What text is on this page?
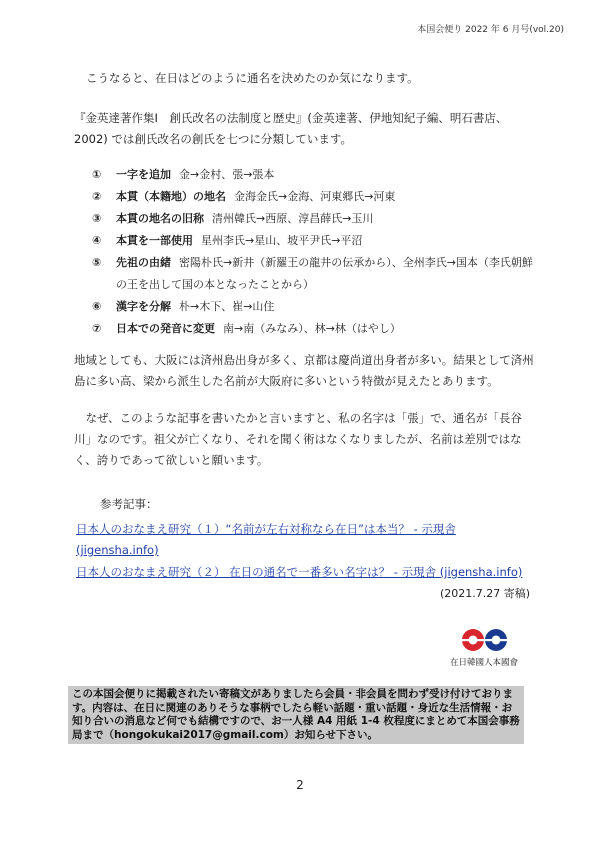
本国会便り 2022 年 6 月号(vol.20)
こうなると、在日はどのように通名を決めたのか気になります。
『金英達著作集Ⅰ　創氏改名の法制度と歴史』(金英達著、伊地知紀子編、明石書店、2002) では創氏改名の創氏を七つに分類しています。
① 一字を追加 金→金村、張→張本
② 本貫（本籍地）の地名 金海金氏→金海、河東郷氏→河東
③ 本貫の地名の旧称 清州韓氏→西原、淳昌薛氏→玉川
④ 本貫を一部使用 星州李氏→星山、坡平尹氏→平沼
⑤ 先祖の由緒 密陽朴氏→新井（新羅王の龍井の伝承から）、全州李氏→国本（李氏朝鮮の王を出して国の本となったことから）
⑥ 漢字を分解 朴→木下、崔→山住
⑦ 日本での発音に変更 南→南（みなみ）、林→林（はやし）
地域としても、大阪には済州島出身が多く、京都は慶尚道出身者が多い。結果として済州島に多い高、梁から派生した名前が大阪府に多いという特徴が見えたとあります。
　なぜ、このような記事を書いたかと言いますと、私の名字は「張」で、通名が「長谷川」なのです。祖父が亡くなり、それを聞く術はなくなりましたが、名前は差別ではなく、誇りであって欲しいと願います。
参考記事：
日本人のおなまえ研究（１）“名前が左右対称なら在日”は本当？ - 示現舎 (jigensha.info)
日本人のおなまえ研究（２） 在日の通名で一番多い名字は？ - 示現舎 (jigensha.info)
(2021.7.27 寄稿)
在日韓國人本國會
この本国会便りに掲載されたい寄稿文がありましたら会員・非会員を問わず受け付けております。内容は、在日に関連のありそうな事柄でしたら軽い話題・重い話題・身近な生活情報・お知り合いの消息など何でも結構ですので、お一人様 A4 用紙 1-4 枚程度にまとめて本国会事務局まで（hongokukai2017@gmail.com）お知らせ下さい。
2
